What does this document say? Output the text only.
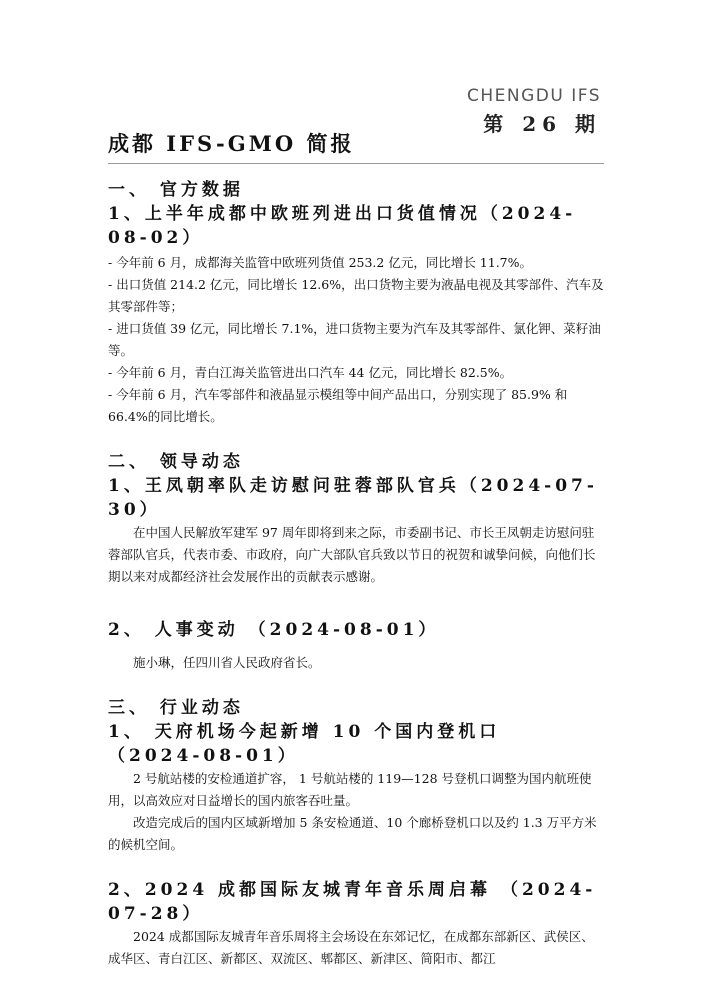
CHENGDU IFS
第 26 期
成都 IFS-GMO 简报
一、 官方数据
1、上半年成都中欧班列进出口货值情况（2024-08-02）

- 今年前 6 月，成都海关监管中欧班列货值 253.2 亿元，同比增长 11.7%。

- 出口货值 214.2 亿元，同比增长 12.6%，出口货物主要为液晶电视及其零部件、汽车及其零部件等；

- 进口货值 39 亿元，同比增长 7.1%，进口货物主要为汽车及其零部件、氯化钾、菜籽油等。

- 今年前 6 月，青白江海关监管进出口汽车 44 亿元，同比增长 82.5%。

- 今年前 6 月，汽车零部件和液晶显示模组等中间产品出口，分别实现了 85.9% 和 66.4%的同比增长。

二、 领导动态
1、王凤朝率队走访慰问驻蓉部队官兵（2024-07-30）

在中国人民解放军建军 97 周年即将到来之际，市委副书记、市长王凤朝走访慰问驻蓉部队官兵，代表市委、市政府，向广大部队官兵致以节日的祝贺和诚挚问候，向他们长期以来对成都经济社会发展作出的贡献表示感谢。

2、 人事变动 （2024-08-01）

施小琳，任四川省人民政府省长。

三、 行业动态
1、 天府机场今起新增 10 个国内登机口 （2024-08-01）

2 号航站楼的安检通道扩容， 1 号航站楼的 119—128 号登机口调整为国内航班使用，以高效应对日益增长的国内旅客吞吐量。

改造完成后的国内区域新增加 5 条安检通道、10 个廊桥登机口以及约 1.3 万平方米的候机空间。

2、2024 成都国际友城青年音乐周启幕 （2024-07-28）

2024 成都国际友城青年音乐周将主会场设在东郊记忆，在成都东部新区、武侯区、成华区、青白江区、新都区、双流区、郫都区、新津区、简阳市、都江
